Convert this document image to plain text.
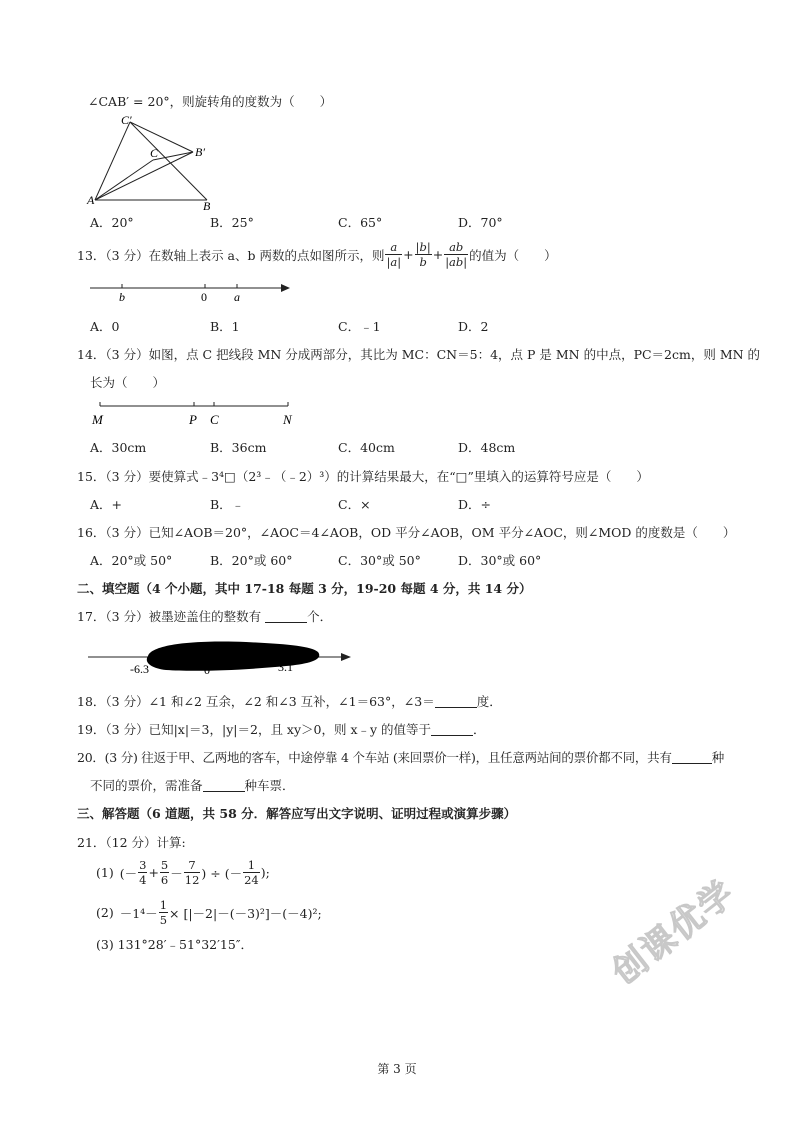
∠CAB′ = 20°，则旋转角的度数为（　　）
C′
C	B′
A	B
A．20°	B．25°	C．65°	D．70°
13．（3 分）在数轴上表示 a、b 两数的点如图所示，则 $\frac{a}{|a|} + \frac{|b|}{b} + \frac{ab}{|ab|}$ 的值为（　　）
b	0 a
A．0	B．1	C．﹣1	D．2
14．（3 分）如图，点 C 把线段 MN 分成两部分，其比为 MC：CN＝5：4，点 P 是 MN 的中点，PC＝2cm，则 MN 的
长为（　　）
M	P C	N
A．30cm	B．36cm	C．40cm	D．48cm
15．（3 分）要使算式﹣3⁴□（2³﹣（﹣2）³）的计算结果最大，在“□”里填入的运算符号应是（　　）
A．+	B．﹣	C．×	D．÷
16．（3 分）已知∠AOB＝20°，∠AOC＝4∠AOB，OD 平分∠AOB，OM 平分∠AOC，则∠MOD 的度数是（　　）
A．20°或 50°	B．20°或 60°	C．30°或 50°	D．30°或 60°
二、填空题（4 个小题，其中 17-18 每题 3 分，19-20 每题 4 分，共 14 分）
17．（3 分）被墨迹盖住的整数有	个．
-6.3	0	3.1
18．（3 分）∠1 和∠2 互余，∠2 和∠3 互补，∠1＝63°，∠3＝	度．
19．（3 分）已知|x|＝3，|y|＝2，且 xy＞0，则 x﹣y 的值等于	．
20．(3 分) 往返于甲、乙两地的客车，中途停靠 4 个车站 (来回票价一样)，且任意两站间的票价都不同，共有	种
不同的票价，需准备	种车票．
三、解答题（6 道题，共 58 分．解答应写出文字说明、证明过程或演算步骤）
21．（12 分）计算:
(1) (－ $\frac{3}{4} + \frac{5}{6} - \frac{7}{12}$ ) ÷ (－ $\frac{1}{24}$ );
$(2) -1^4- \frac{1}{5} \times [|-2|-(-3)^2]-(-4)^2$;
(3) 131°28′﹣51°32′15″．	创课优学
第 3 页
